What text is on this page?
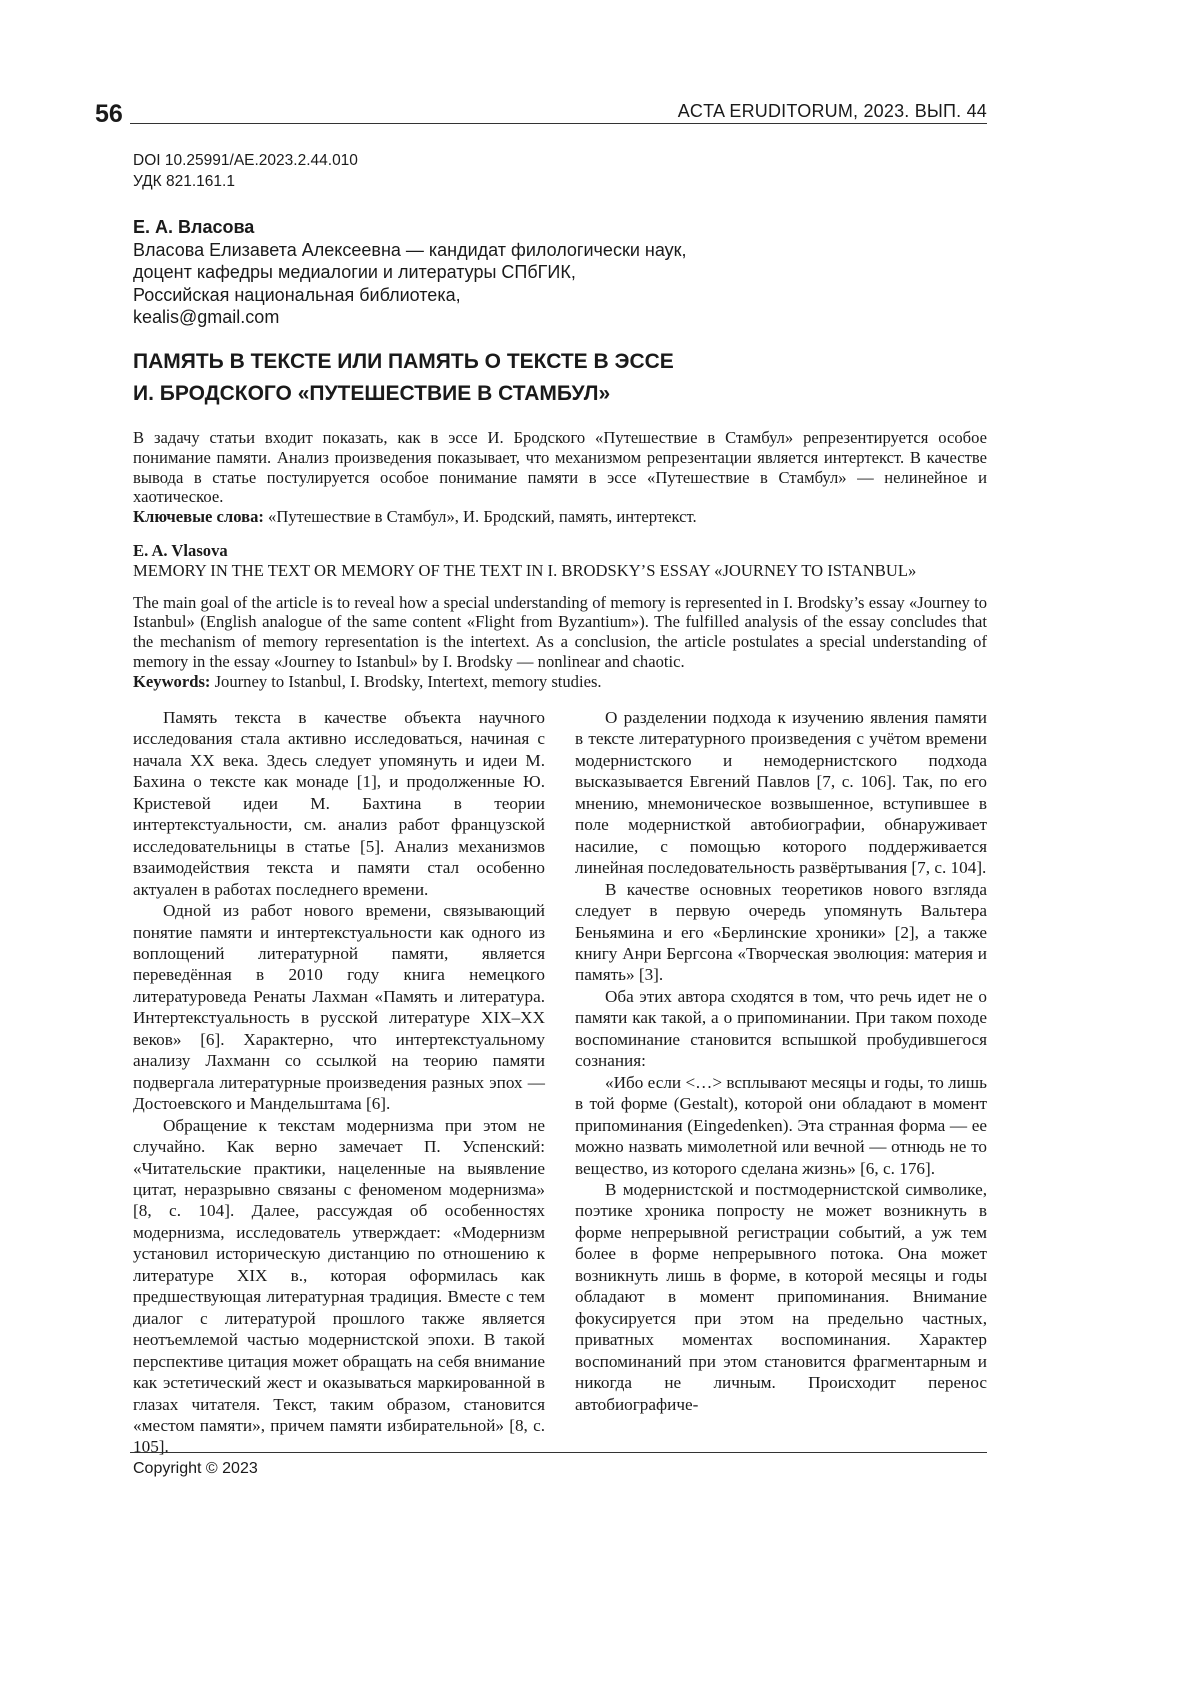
56	ACTA ERUDITORUM, 2023. ВЫП. 44
DOI 10.25991/AE.2023.2.44.010
УДК 821.161.1
Е. А. Власова
Власова Елизавета Алексеевна — кандидат филологически наук,
доцент кафедры медиалогии и литературы СПбГИК,
Российская национальная библиотека,
kealis@gmail.com
ПАМЯТЬ В ТЕКСТЕ ИЛИ ПАМЯТЬ О ТЕКСТЕ В ЭССЕ
И. БРОДСКОГО «ПУТЕШЕСТВИЕ В СТАМБУЛ»
В задачу статьи входит показать, как в эссе И. Бродского «Путешествие в Стамбул» репрезентируется особое понимание памяти. Анализ произведения показывает, что механизмом репрезентации является интертекст. В качестве вывода в статье постулируется особое понимание памяти в эссе «Путешествие в Стамбул» — нелинейное и хаотическое.
Ключевые слова: «Путешествие в Стамбул», И. Бродский, память, интертекст.
E. A. Vlasova
MEMORY IN THE TEXT OR MEMORY OF THE TEXT IN I. BRODSKY’S ESSAY «JOURNEY TO ISTANBUL»
The main goal of the article is to reveal how a special understanding of memory is represented in I. Brodsky’s essay «Journey to Istanbul» (English analogue of the same content «Flight from Byzantium»). The fulfilled analysis of the essay concludes that the mechanism of memory representation is the intertext. As a conclusion, the article postulates a special understanding of memory in the essay «Journey to Istanbul» by I. Brodsky — nonlinear and chaotic.
Keywords: Journey to Istanbul, I. Brodsky, Intertext, memory studies.

Память текста в качестве объекта научного исследования стала активно исследоваться, начиная с начала XX века. Здесь следует упомянуть и идеи М. Бахина о тексте как монаде [1], и продолженные Ю. Кристевой идеи М. Бахтина в теории интертекстуальности, см. анализ работ французской исследовательницы в статье [5]. Анализ механизмов взаимодействия текста и памяти стал особенно актуален в работах последнего времени.

Одной из работ нового времени, связывающий понятие памяти и интертекстуальности как одного из воплощений литературной памяти, является переведённая в 2010 году книга немецкого литературоведа Ренаты Лахман «Память и литература. Интертекстуальность в русской литературе XIX–XX веков» [6]. Характерно, что интертекстуальному анализу Лахманн со ссылкой на теорию памяти подвергала литературные произведения разных эпох — Достоевского и Мандельштама [6].

Обращение к текстам модернизма при этом не случайно. Как верно замечает П. Успенский: «Читательские практики, нацеленные на выявление цитат, неразрывно связаны с феноменом модернизма» [8, с. 104]. Далее, рассуждая об особенностях модернизма, исследователь утверждает: «Модернизм установил историческую дистанцию по отношению к литературе XIX в., которая оформилась как предшествующая литературная традиция. Вместе с тем диалог с литературой прошлого также является неотъемлемой частью модернистской эпохи. В такой перспективе цитация может обращать на себя внимание как эстетический жест и оказываться маркированной в глазах читателя. Текст, таким образом, становится «местом памяти», причем памяти избирательной» [8, с. 105].

О разделении подхода к изучению явления памяти в тексте литературного произведения с учётом времени модернистского и немодернистского подхода высказывается Евгений Павлов [7, с. 106]. Так, по его мнению, мнемоническое возвышенное, вступившее в поле модернисткой автобиографии, обнаруживает насилие, с помощью которого поддерживается линейная последовательность развёртывания [7, с. 104].

В качестве основных теоретиков нового взгляда следует в первую очередь упомянуть Вальтера Беньямина и его «Берлинские хроники» [2], а также книгу Анри Бергсона «Творческая эволюция: материя и память» [3].

Оба этих автора сходятся в том, что речь идет не о памяти как такой, а о припоминании. При таком походе воспоминание становится вспышкой пробудившегося сознания:

«Ибо если <…> всплывают месяцы и годы, то лишь в той форме (Gestalt), которой они обладают в момент припоминания (Eingedenken). Эта странная форма — ее можно назвать мимолетной или вечной — отнюдь не то вещество, из которого сделана жизнь» [6, с. 176].

В модернистской и постмодернистской символике, поэтике хроника попросту не может возникнуть в форме непрерывной регистрации событий, а уж тем более в форме непрерывного потока. Она может возникнуть лишь в форме, в которой месяцы и годы обладают в момент припоминания. Внимание фокусируется при этом на предельно частных, приватных моментах воспоминания. Характер воспоминаний при этом становится фрагментарным и никогда не личным. Происходит перенос автобиографиче-

Copyright © 2023
